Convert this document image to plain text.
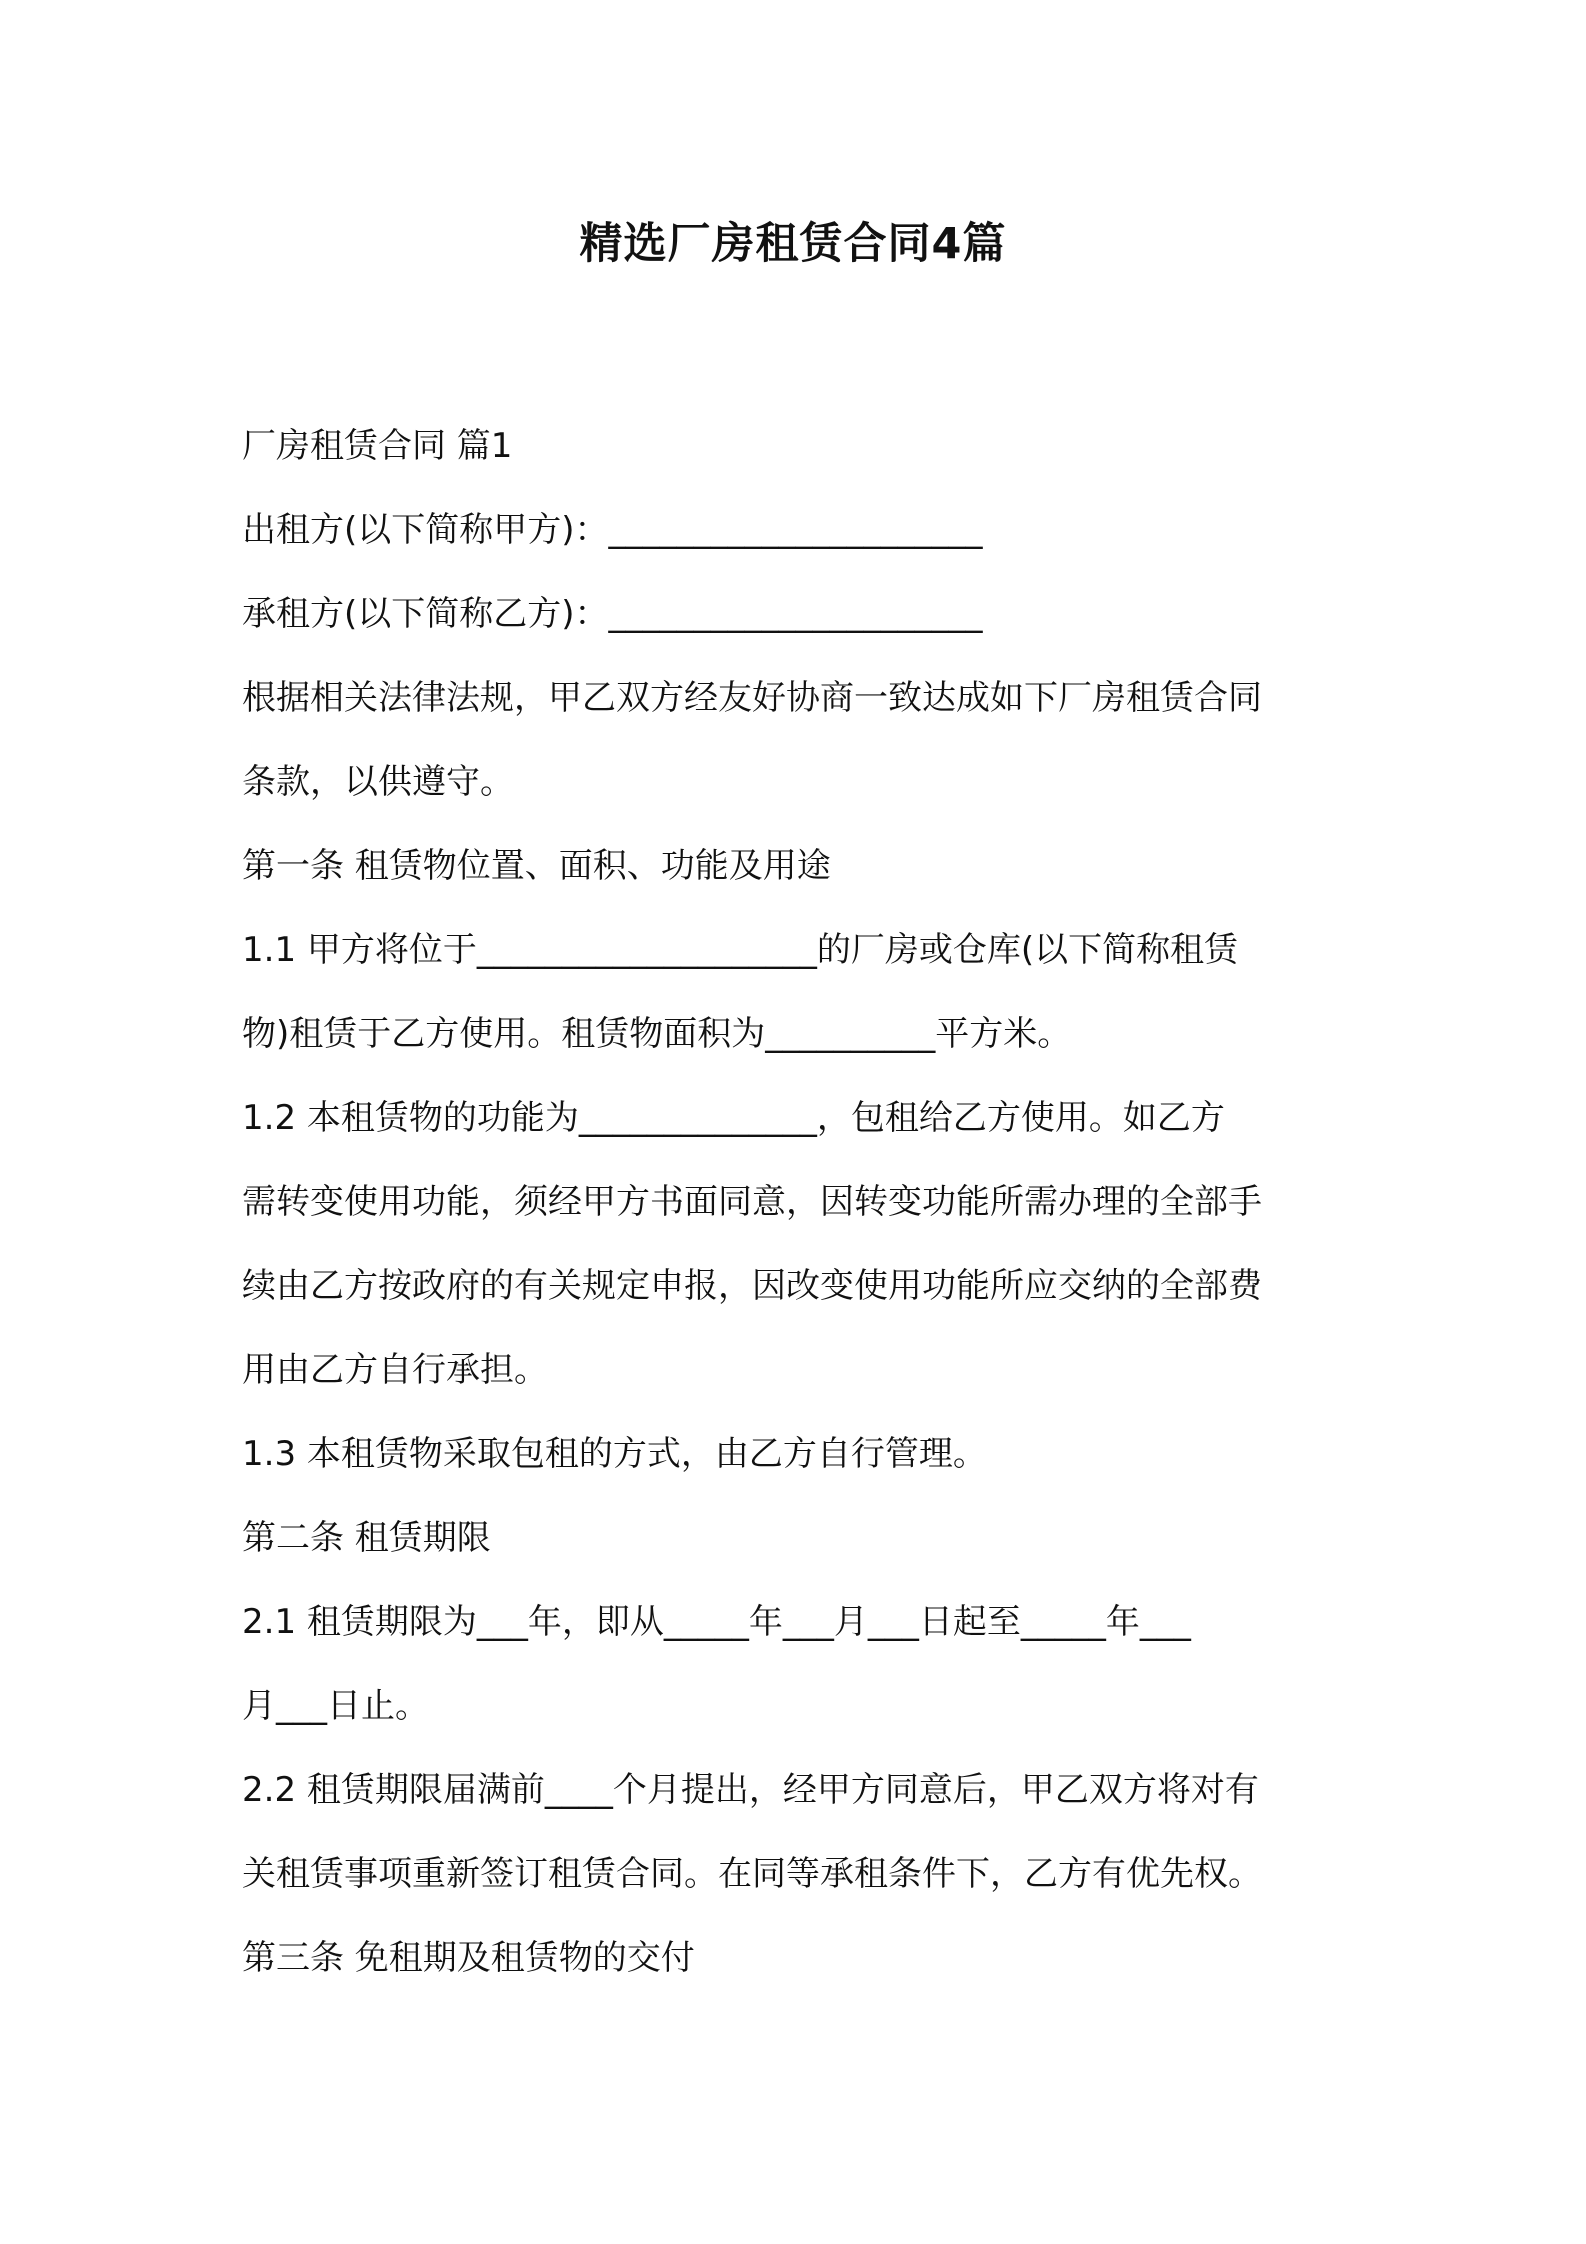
精选厂房租赁合同4篇
厂房租赁合同 篇1
出租方(以下简称甲方)：______________________
承租方(以下简称乙方)：______________________
根据相关法律法规，甲乙双方经友好协商一致达成如下厂房租赁合同
条款，以供遵守。
第一条 租赁物位置、面积、功能及用途
1.1 甲方将位于____________________的厂房或仓库(以下简称租赁
物)租赁于乙方使用。租赁物面积为__________平方米。
1.2 本租赁物的功能为______________，包租给乙方使用。如乙方
需转变使用功能，须经甲方书面同意，因转变功能所需办理的全部手
续由乙方按政府的有关规定申报，因改变使用功能所应交纳的全部费
用由乙方自行承担。
1.3 本租赁物采取包租的方式，由乙方自行管理。
第二条 租赁期限
2.1 租赁期限为___年，即从_____年___月___日起至_____年___
月___日止。
2.2 租赁期限届满前____个月提出，经甲方同意后，甲乙双方将对有
关租赁事项重新签订租赁合同。在同等承租条件下，乙方有优先权。
第三条 免租期及租赁物的交付
